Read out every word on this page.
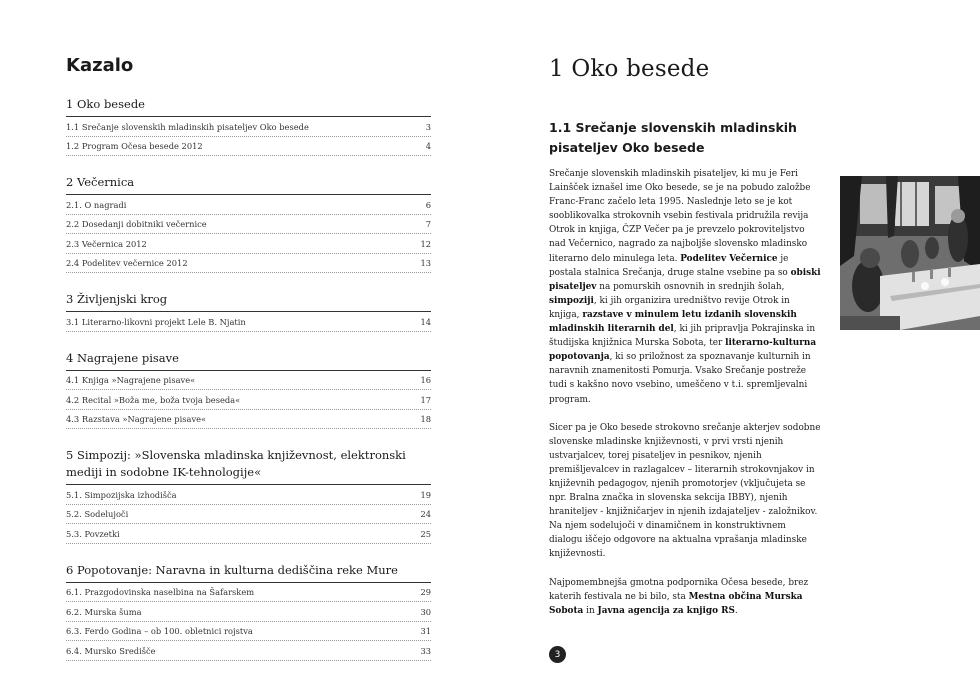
Kazalo
1 Oko besede
1.1 Srečanje slovenskih mladinskih pisateljev Oko besede	3
1.2 Program Očesa besede 2012	4
2 Večernica
2.1. O nagradi	6
2.2 Dosedanji dobitniki večernice	7
2.3 Večernica 2012	12
2.4 Podelitev večernice 2012	13
3 Življenjski krog
3.1 Literarno-likovni projekt Lele B. Njatin	14
4 Nagrajene pisave
4.1 Knjiga »Nagrajene pisave«	16
4.2 Recital »Boža me, boža tvoja beseda«	17
4.3 Razstava »Nagrajene pisave«	18
5 Simpozij: »Slovenska mladinska književnost, elektronski mediji in sodobne IK-tehnologije«
5.1. Simpozijska izhodišča	19
5.2. Sodelujoči	24
5.3. Povzetki	25
6 Popotovanje: Naravna in kulturna dediščina reke Mure
6.1. Prazgodovinska naselbina na Šafarskem	29
6.2. Murska šuma	30
6.3. Ferdo Godina – ob 100. obletnici rojstva	31
6.4. Mursko Središče	33
1 Oko besede
1.1 Srečanje slovenskih mladinskih pisateljev Oko besede

Srečanje slovenskih mladinskih pisateljev, ki mu je Feri Lainšček iznašel ime Oko besede, se je na pobudo založbe Franc-Franc začelo leta 1995. Naslednje leto se je kot sooblikovalka strokovnih vsebin festivala pridružila revija Otrok in knjiga, ČZP Večer pa je prevzelo pokroviteljstvo nad Večernico, nagrado za najboljše slovensko mladinsko literarno delo minulega leta. Podelitev Večernice je postala stalnica Srečanja, druge stalne vsebine pa so obiski pisateljev na pomurskih osnovnih in srednjih šolah, simpoziji, ki jih organizira uredništvo revije Otrok in knjiga, razstave v minulem letu izdanih slovenskih mladinskih literarnih del, ki jih pripravlja Pokrajinska in študijska knjižnica Murska Sobota, ter literarno-kulturna popotovanja, ki so priložnost za spoznavanje kulturnih in naravnih znamenitosti Pomurja. Vsako Srečanje postreže tudi s kakšno novo vsebino, umeščeno v t.i. spremljevalni program.

Sicer pa je Oko besede strokovno srečanje akterjev sodobne slovenske mladinske književnosti, v prvi vrsti njenih ustvarjalcev, torej pisateljev in pesnikov, njenih premišljevalcev in razlagalcev – literarnih strokovnjakov in književnih pedagogov, njenih promotorjev (vključujeta se npr. Bralna značka in slovenska sekcija IBBY), njenih hraniteljev - knjižničarjev in njenih izdajateljev - založnikov. Na njem sodelujoči v dinamičnem in konstruktivnem dialogu iščejo odgovore na aktualna vprašanja mladinske književnosti.

Najpomembnejša gmotna podpornika Očesa besede, brez katerih festivala ne bi bilo, sta Mestna občina Murska Sobota in Javna agencija za knjigo RS.

3
